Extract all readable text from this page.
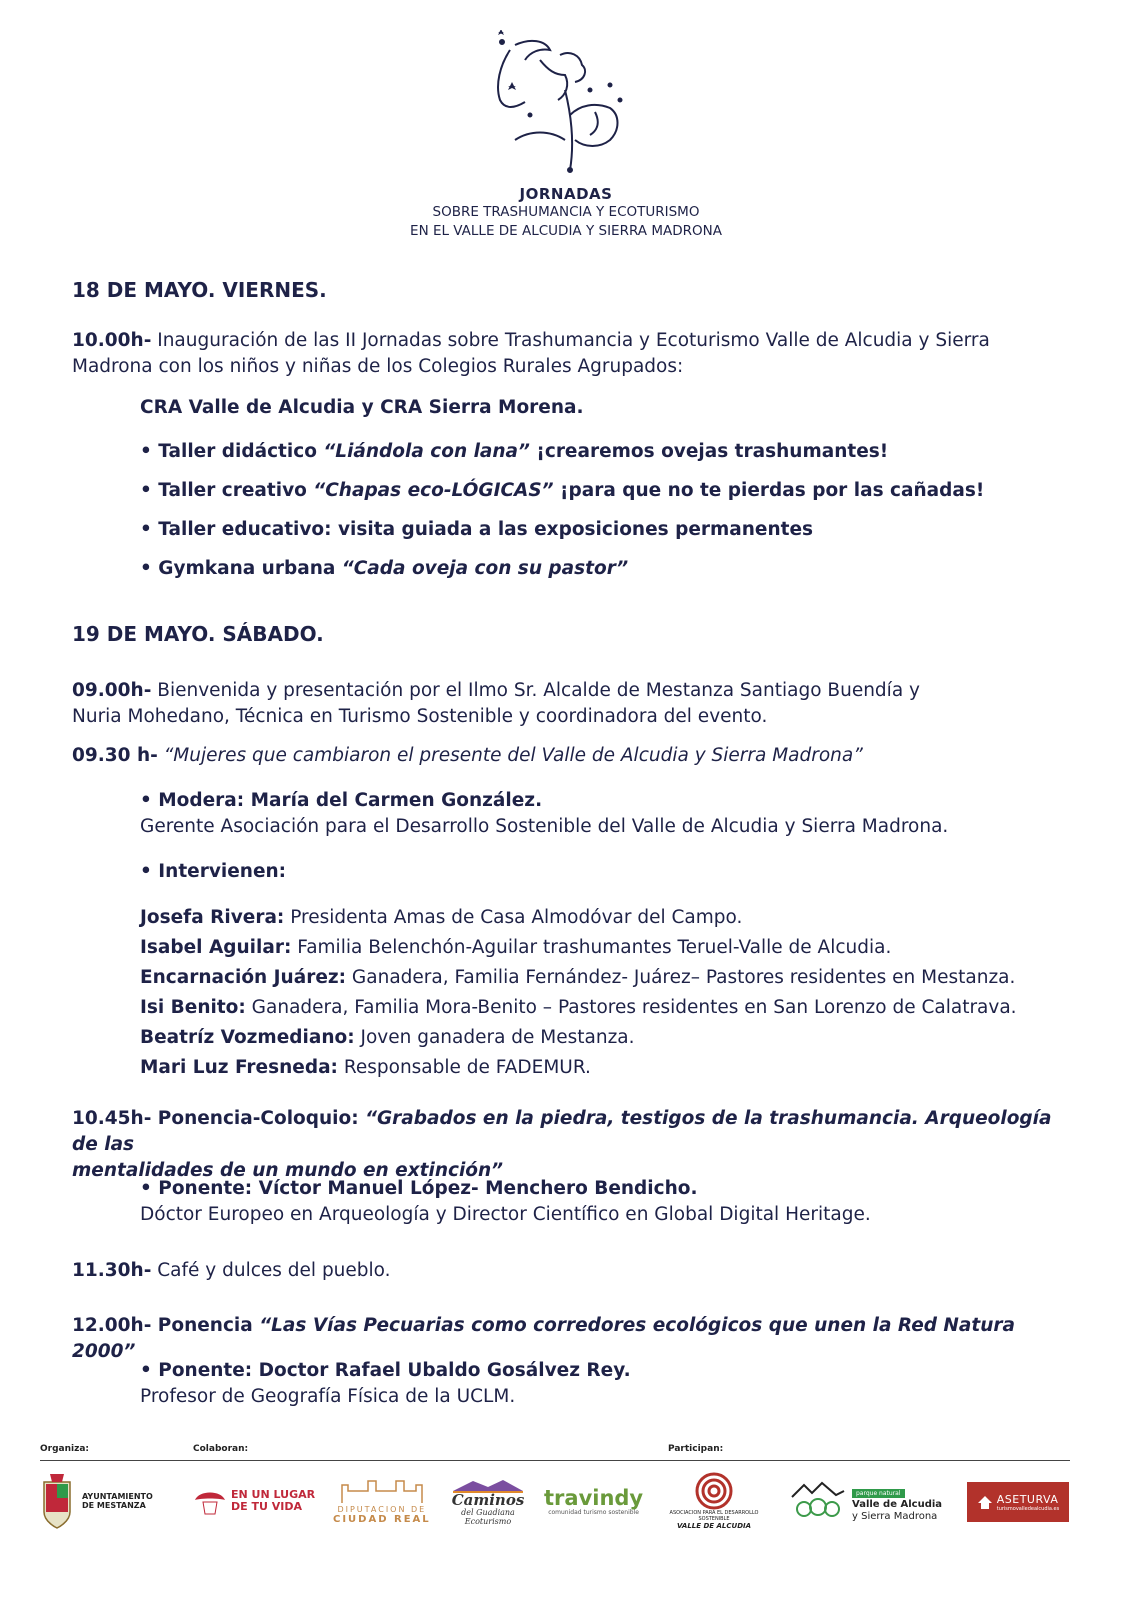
JORNADAS
SOBRE TRASHUMANCIA Y ECOTURISMO
EN EL VALLE DE ALCUDIA Y SIERRA MADRONA
18 DE MAYO. VIERNES.
10.00h- Inauguración de las II Jornadas sobre Trashumancia y Ecoturismo Valle de Alcudia y Sierra
Madrona con los niños y niñas de los Colegios Rurales Agrupados:
CRA Valle de Alcudia y CRA Sierra Morena.
• Taller didáctico “Liándola con lana” ¡crearemos ovejas trashumantes!
• Taller creativo “Chapas eco-LÓGICAS” ¡para que no te pierdas por las cañadas!
• Taller educativo: visita guiada a las exposiciones permanentes
• Gymkana urbana “Cada oveja con su pastor”
19 DE MAYO. SÁBADO.
09.00h- Bienvenida y presentación por el Ilmo Sr. Alcalde de Mestanza Santiago Buendía y
Nuria Mohedano, Técnica en Turismo Sostenible y coordinadora del evento.
09.30 h- “Mujeres que cambiaron el presente del Valle de Alcudia y Sierra Madrona”
• Modera: María del Carmen González.
Gerente Asociación para el Desarrollo Sostenible del Valle de Alcudia y Sierra Madrona.
• Intervienen:
Josefa Rivera: Presidenta Amas de Casa Almodóvar del Campo.
Isabel Aguilar: Familia Belenchón-Aguilar trashumantes Teruel-Valle de Alcudia.
Encarnación Juárez: Ganadera, Familia Fernández- Juárez– Pastores residentes en Mestanza.
Isi Benito: Ganadera, Familia Mora-Benito – Pastores residentes en San Lorenzo de Calatrava.
Beatríz Vozmediano: Joven ganadera de Mestanza.
Mari Luz Fresneda: Responsable de FADEMUR.
10.45h- Ponencia-Coloquio: “Grabados en la piedra, testigos de la trashumancia. Arqueología de las
mentalidades de un mundo en extinción”
• Ponente: Víctor Manuel López- Menchero Bendicho.
Dóctor Europeo en Arqueología y Director Científico en Global Digital Heritage.
11.30h- Café y dulces del pueblo.
12.00h- Ponencia “Las Vías Pecuarias como corredores ecológicos que unen la Red Natura 2000”
• Ponente: Doctor Rafael Ubaldo Gosálvez Rey.
Profesor de Geografía Física de la UCLM.
Organiza:	Colaboran:	Participan:
AYUNTAMIENTO
DE MESTANZA
EN UN LUGAR
DE TU VIDA	DIPUTACION DE
CIUDAD REAL
Caminos
del Guadiana
Ecoturismo
travindy
comunidad turismo sostenible	ASOCIACION PARA EL DESARROLLO SOSTENIBLE
VALLE DE ALCUDIA
parque natural
Valle de Alcudia
y Sierra Madrona
ASETURVA
turismovalledealcudia.es
